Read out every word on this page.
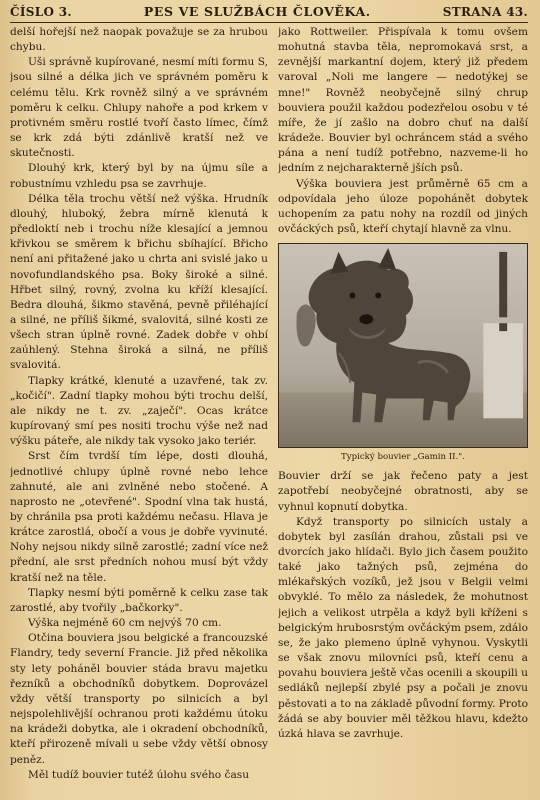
ČÍSLO 3.	PES VE SLUŽBÁCH ČLOVĚKA.	STRANA 43.

delší hořejší než naopak považuje se za hrubou chybu.

Uši správně kupírované, nesmí míti formu S, jsou silné a délka jich ve správném poměru k celému tělu. Krk rovněž silný a ve správném poměru k celku. Chlupy nahoře a pod krkem v protivném směru rostlé tvoří často límec, čímž se krk zdá býti zdánlivě kratší než ve skutečnosti.

Dlouhý krk, který byl by na újmu síle a robustnímu vzhledu psa se zavrhuje.

Délka těla trochu větší než výška. Hrudník dlouhý, hluboký, žebra mírně klenutá k předloktí neb i trochu níže klesající a jemnou křivkou se směrem k břichu sbíhající. Břicho není ani přitažené jako u chrta ani svislé jako u novofundlandského psa. Boky široké a silné. Hřbet silný, rovný, zvolna ku kříží klesající. Bedra dlouhá, šikmo stavěná, pevně přiléhající a silné, ne příliš šikmé, svalovitá, silné kosti ze všech stran úplně rovné. Zadek dobře v ohbí zaúhlený. Stehna široká a silná, ne příliš svalovitá.

Tlapky krátké, klenuté a uzavřené, tak zv. „kočičí". Zadní tlapky mohou býti trochu delší, ale nikdy ne t. zv. „zaječí". Ocas krátce kupírovaný smí pes nositi trochu výše než nad výšku páteře, ale nikdy tak vysoko jako teriér.

Srst čím tvrdší tím lépe, dosti dlouhá, jednotlivé chlupy úplně rovné nebo lehce zahnuté, ale ani zvlněné nebo stočené. A naprosto ne „otevřené". Spodní vlna tak hustá, by chránila psa proti každému nečasu. Hlava je krátce zarostlá, obočí a vous je dobře vyvinuté. Nohy nejsou nikdy silně zarostlé; zadní více než přední, ale srst předních nohou musí být vždy kratší než na těle.

Tlapky nesmí býti poměrně k celku zase tak zarostlé, aby tvořily „bačkorky".

Výška nejméně 60 cm nejvýš 70 cm.

Otčina bouviera jsou belgické a francouzské Flandry, tedy severní Francie. Již před několika sty lety poháněl bouvier stáda bravu majetku řezníků a obchodníků dobytkem. Doprovázel vždy větší transporty po silnicích a byl nejspolehlivější ochranou proti každému útoku na krádeži dobytka, ale i okradení obchodníků, kteří přirozeně mívali u sebe vždy větší obnosy peněz.

Měl tudíž bouvier tutéž úlohu svého času

jako Rottweiler. Přispívala k tomu ovšem mohutná stavba těla, nepromokavá srst, a zevnější markantní dojem, který již předem varoval „Noli me langere — nedotýkej se mne!" Rovněž neobyčejně silný chrup bouviera použil každou podezřelou osobu v té míře, že jí zašlo na dobro chuť na další krádeže. Bouvier byl ochráncem stád a svého pána a není tudíž potřebno, nazveme-li ho jedním z nejcharakterně jších psů.

Výška bouviera jest průměrně 65 cm a odpovídala jeho úloze popohánět dobytek uchopením za patu nohy na rozdíl od jiných ovčáckých psů, kteří chytají hlavně za vlnu.

Typický bouvier „Gamin II.".

Bouvier drží se jak řečeno paty a jest zapotřebí neobyčejné obratnosti, aby se vyhnul kopnutí dobytka.

Když transporty po silnicích ustaly a dobytek byl zasílán drahou, zůstali psi ve dvorcích jako hlídači. Bylo jich časem použito také jako tažných psů, zejména do mlékařských vozíků, jež jsou v Belgii velmi obvyklé. To mělo za následek, že mohutnost jejich a velikost utrpěla a když byli kříženi s belgickým hrubosrstým ovčáckým psem, zdálo se, že jako plemeno úplně vyhynou. Vyskytli se však znovu milovníci psů, kteří cenu a povahu bouviera ještě včas ocenili a skoupili u sedláků nejlepší zbylé psy a počali je znovu pěstovati a to na základě původní formy. Proto žádá se aby bouvier měl těžkou hlavu, kdežto úzká hlava se zavrhuje.
